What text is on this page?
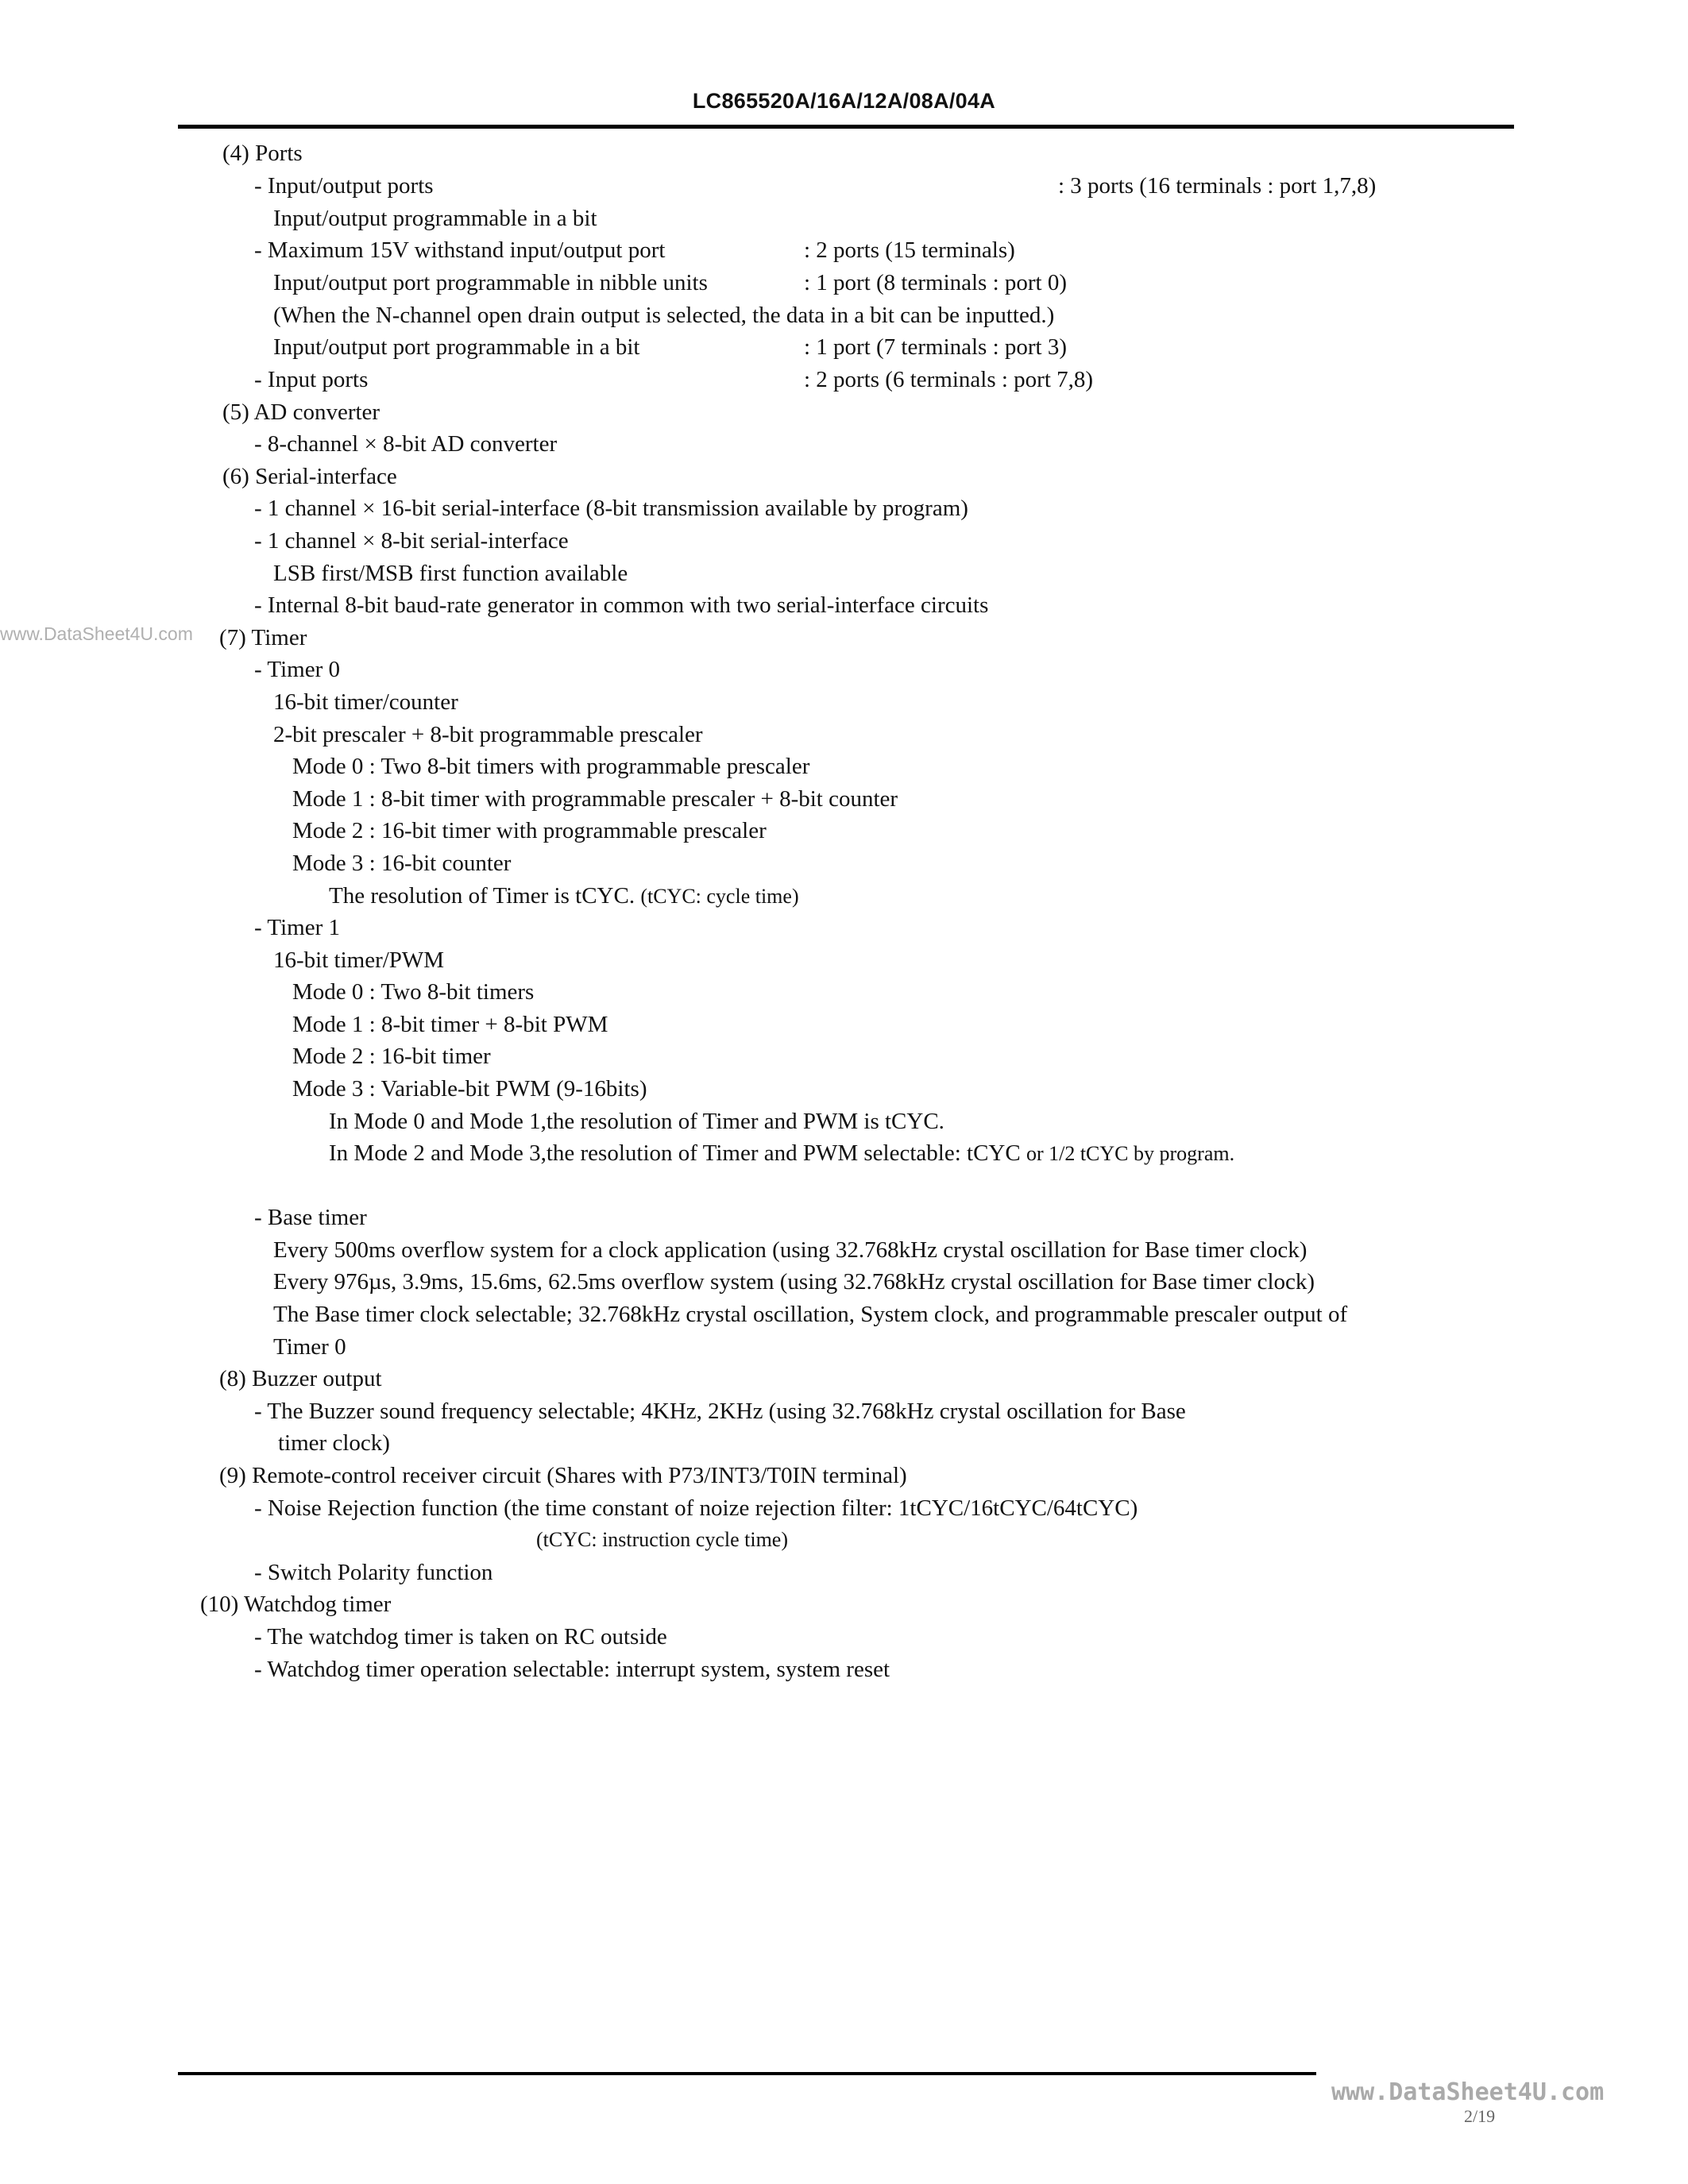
LC865520A/16A/12A/08A/04A
www.DataSheet4U.com
(4) Ports
- Input/output ports	: 3 ports (16 terminals : port 1,7,8)
Input/output programmable in a bit
- Maximum 15V withstand input/output port	: 2 ports (15 terminals)
Input/output port programmable in nibble units	: 1 port (8 terminals : port 0)
(When the N-channel open drain output is selected, the data in a bit can be inputted.)
Input/output port programmable in a bit	: 1 port (7 terminals : port 3)
- Input ports	: 2 ports (6 terminals : port 7,8)
(5) AD converter
- 8-channel × 8-bit AD converter
(6) Serial-interface
- 1 channel × 16-bit serial-interface (8-bit transmission available by program)
- 1 channel × 8-bit serial-interface
LSB first/MSB first function available
- Internal 8-bit baud-rate generator in common with two serial-interface circuits
(7) Timer
- Timer 0
16-bit timer/counter
2-bit prescaler + 8-bit programmable prescaler
Mode 0 : Two 8-bit timers with programmable prescaler
Mode 1 : 8-bit timer with programmable prescaler + 8-bit counter
Mode 2 : 16-bit timer with programmable prescaler
Mode 3 : 16-bit counter
The resolution of Timer is tCYC. (tCYC: cycle time)
- Timer 1
16-bit timer/PWM
Mode 0 : Two 8-bit timers
Mode 1 : 8-bit timer + 8-bit PWM
Mode 2 : 16-bit timer
Mode 3 : Variable-bit PWM (9-16bits)
In Mode 0 and Mode 1,the resolution of Timer and PWM is tCYC.
In Mode 2 and Mode 3,the resolution of Timer and PWM selectable: tCYC or 1/2 tCYC by program.
- Base timer
Every 500ms overflow system for a clock application (using 32.768kHz crystal oscillation for Base timer clock)
Every 976µs, 3.9ms, 15.6ms, 62.5ms overflow system (using 32.768kHz crystal oscillation for Base timer clock)
The Base timer clock selectable; 32.768kHz crystal oscillation, System clock, and programmable prescaler output of
Timer 0
(8) Buzzer output
- The Buzzer sound frequency selectable; 4KHz, 2KHz (using 32.768kHz crystal oscillation for Base
timer clock)
(9) Remote-control receiver circuit (Shares with P73/INT3/T0IN terminal)
- Noise Rejection function (the time constant of noize rejection filter: 1tCYC/16tCYC/64tCYC)
(tCYC: instruction cycle time)
- Switch Polarity function
(10) Watchdog timer
- The watchdog timer is taken on RC outside
- Watchdog timer operation selectable: interrupt system, system reset
www.DataSheet4U.com
2/19
